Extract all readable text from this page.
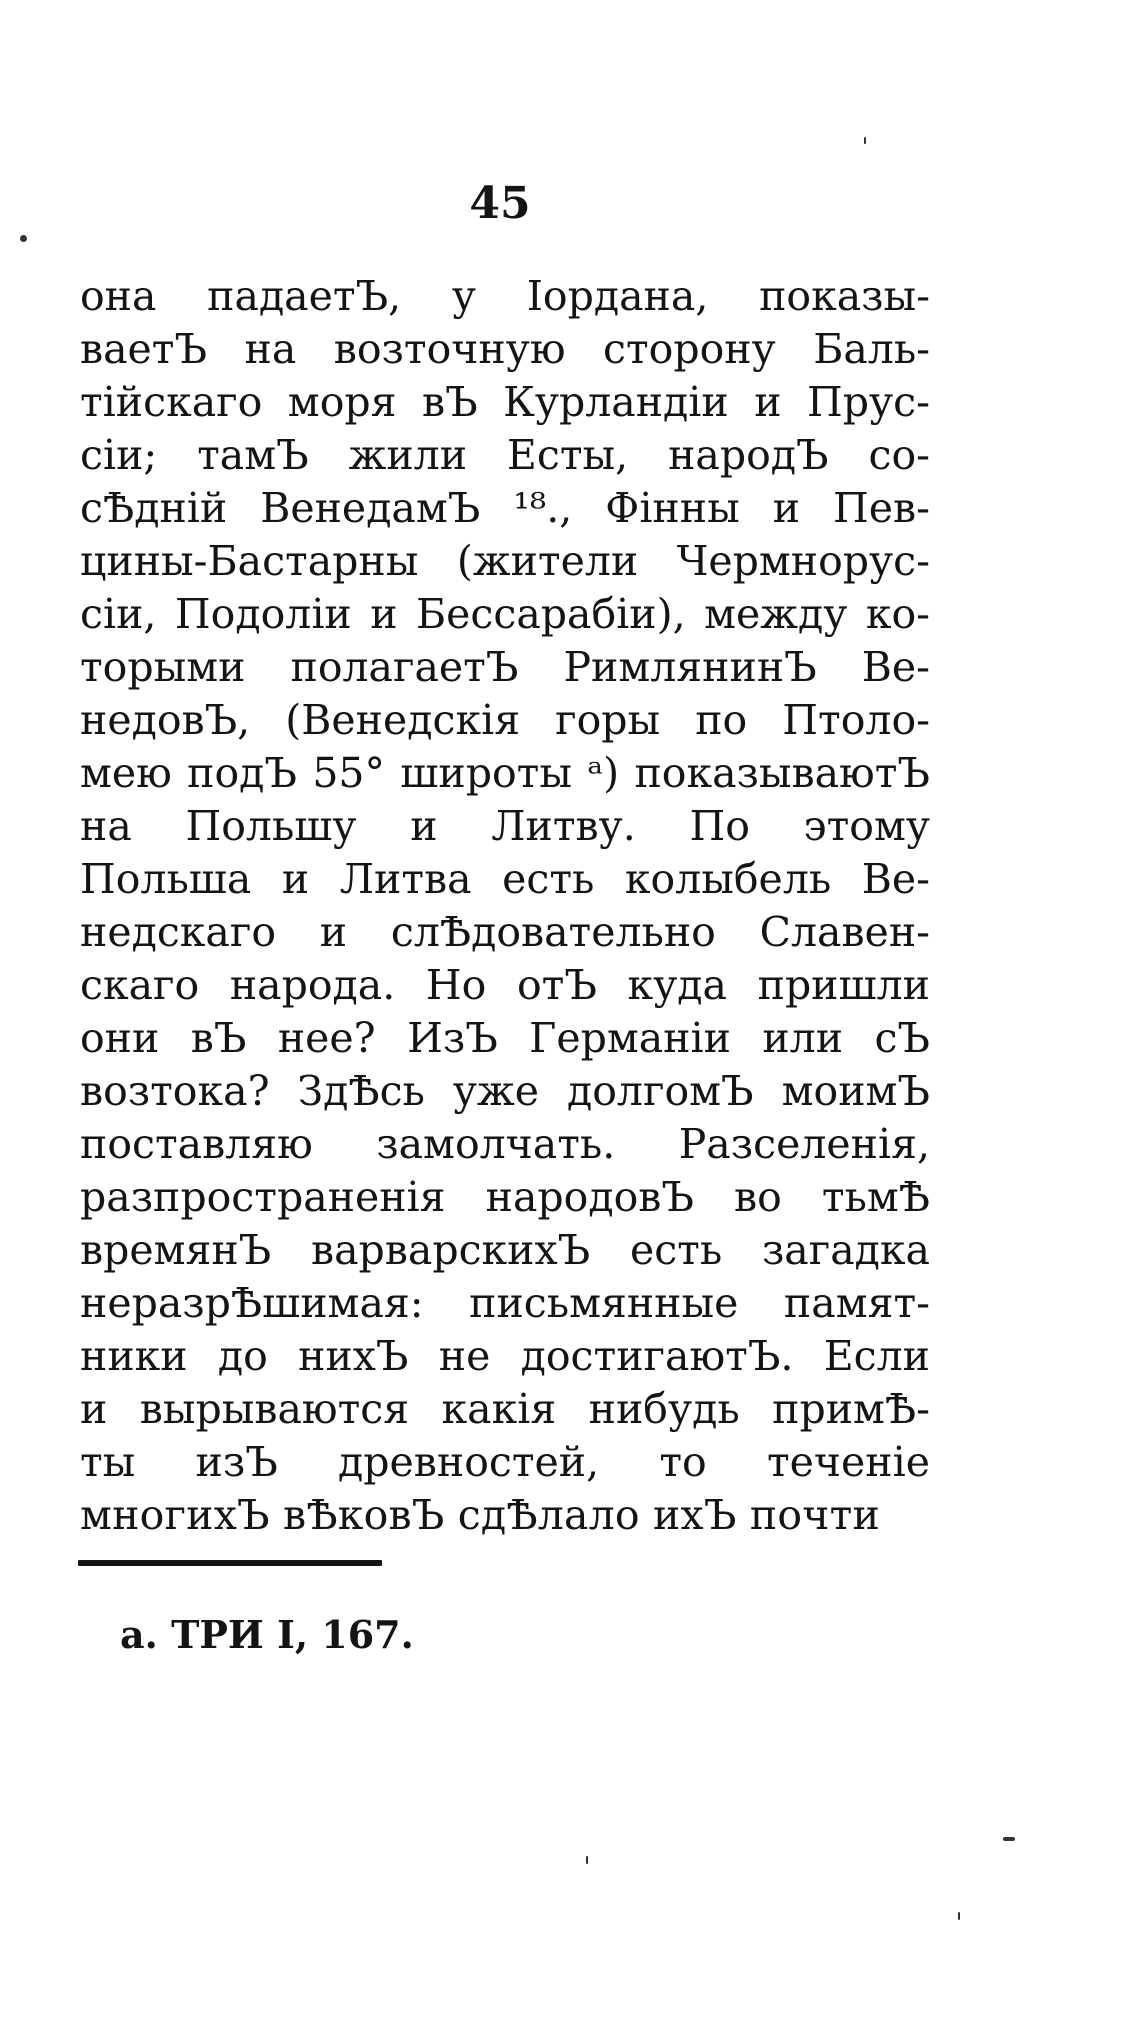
45
она падаетЪ, у Іордана, показы-
ваетЪ на возточную сторону Баль-
тійскаго моря вЪ Курландіи и Прус-
сіи; тамЪ жили Есты, народЪ со-
сѢдній ВенедамЪ ¹⁸., Фінны и Пев-
цины-Бастарны (жители Чермнорус-
сіи, Подоліи и Бессарабіи), между ко-
торыми полагаетЪ РимлянинЪ Ве-
недовЪ, (Венедскія горы по Птоло-
мею подЪ 55° широты ᵃ) показываютЪ
на Польшу и Литву. По этому
Польша и Литва есть колыбель Ве-
недскаго и слѢдовательно Славен-
скаго народа. Но отЪ куда пришли
они вЪ нее? ИзЪ Германіи или сЪ
возтока? ЗдѢсь уже долгомЪ моимЪ
поставляю замолчать. Разселенія,
разпространенія народовЪ во тьмѢ
времянЪ варварскихЪ есть загадка
неразрѢшимая: письмянные памят-
ники до нихЪ не достигаютЪ. Если
и вырываются какія нибудь примѢ-
ты изЪ древностей, то теченіе
многихЪ вѢковЪ сдѢлало ихЪ почти
а. ТРИ I, 167.
